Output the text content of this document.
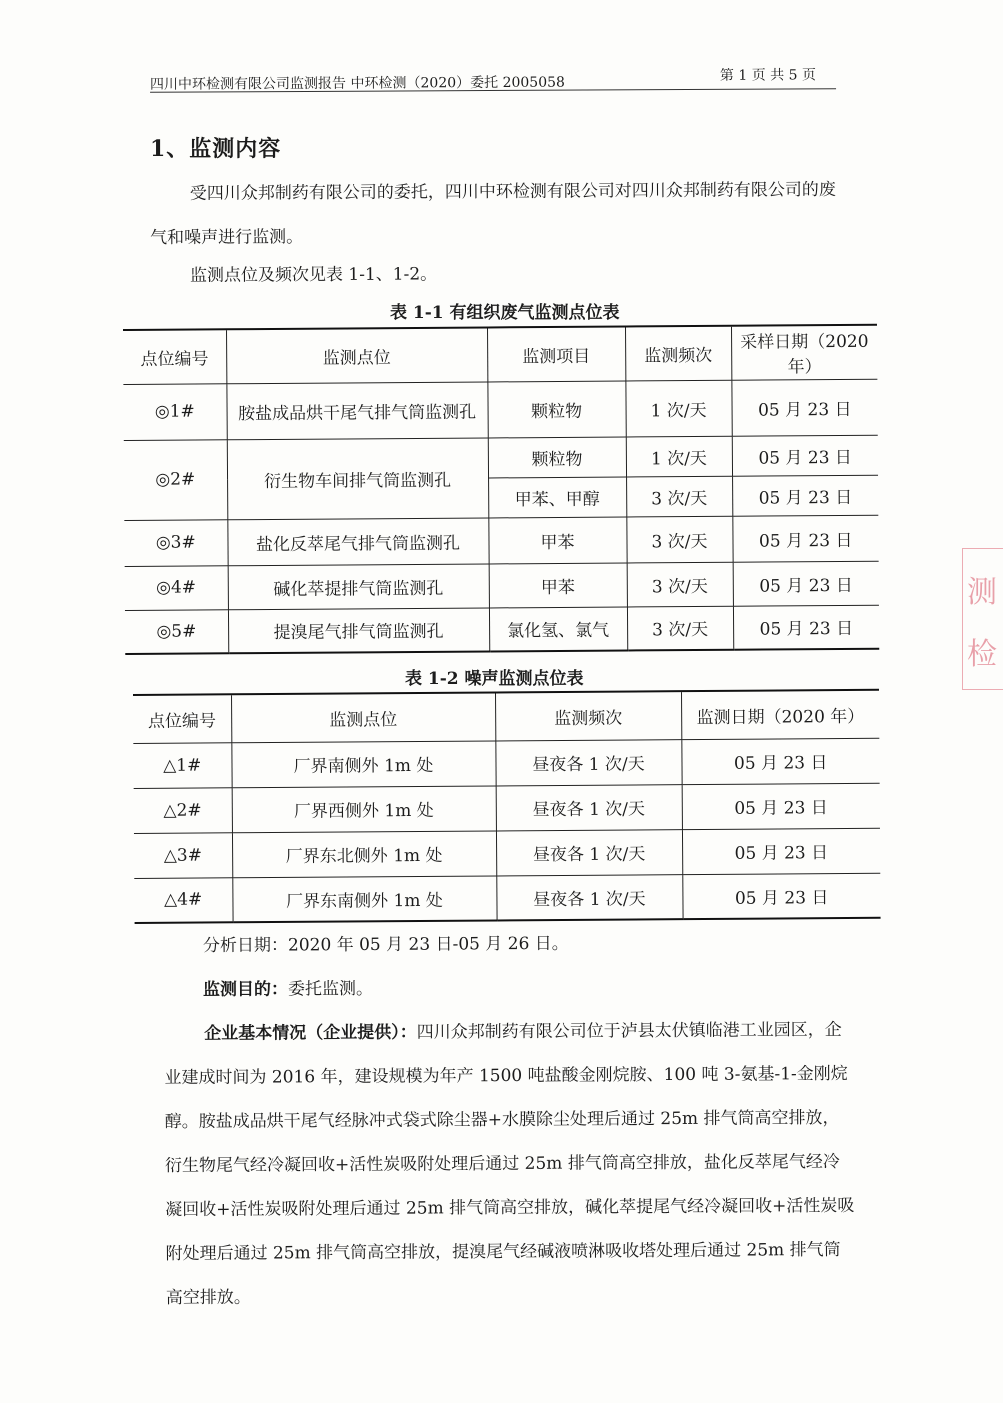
四川中环检测有限公司监测报告 中环检测（2020）委托 2005058	第 1 页 共 5 页
1、监测内容

受四川众邦制药有限公司的委托，四川中环检测有限公司对四川众邦制药有限公司的废气和噪声进行监测。

监测点位及频次见表 1-1、1-2。

表 1-1 有组织废气监测点位表

点位编号	监测点位	监测项目	监测频次	采样日期（2020 年）
◎1#	胺盐成品烘干尾气排气筒监测孔	颗粒物	1 次/天	05 月 23 日
◎2#	衍生物车间排气筒监测孔	颗粒物	1 次/天	05 月 23 日
		甲苯、甲醇	3 次/天	05 月 23 日
◎3#	盐化反萃尾气排气筒监测孔	甲苯	3 次/天	05 月 23 日
◎4#	碱化萃提排气筒监测孔	甲苯	3 次/天	05 月 23 日
◎5#	提溴尾气排气筒监测孔	氯化氢、氯气	3 次/天	05 月 23 日

表 1-2 噪声监测点位表

点位编号	监测点位	监测频次	监测日期（2020 年）
△1#	厂界南侧外 1m 处	昼夜各 1 次/天	05 月 23 日
△2#	厂界西侧外 1m 处	昼夜各 1 次/天	05 月 23 日
△3#	厂界东北侧外 1m 处	昼夜各 1 次/天	05 月 23 日
△4#	厂界东南侧外 1m 处	昼夜各 1 次/天	05 月 23 日

分析日期：2020 年 05 月 23 日-05 月 26 日。

监测目的：委托监测。

企业基本情况（企业提供）：四川众邦制药有限公司位于泸县太伏镇临港工业园区，企业建成时间为 2016 年，建设规模为年产 1500 吨盐酸金刚烷胺、100 吨 3-氨基-1-金刚烷醇。胺盐成品烘干尾气经脉冲式袋式除尘器+水膜除尘处理后通过 25m 排气筒高空排放，衍生物尾气经冷凝回收+活性炭吸附处理后通过 25m 排气筒高空排放，盐化反萃尾气经冷凝回收+活性炭吸附处理后通过 25m 排气筒高空排放，碱化萃提尾气经冷凝回收+活性炭吸附处理后通过 25m 排气筒高空排放，提溴尾气经碱液喷淋吸收塔处理后通过 25m 排气筒高空排放。

测
检
